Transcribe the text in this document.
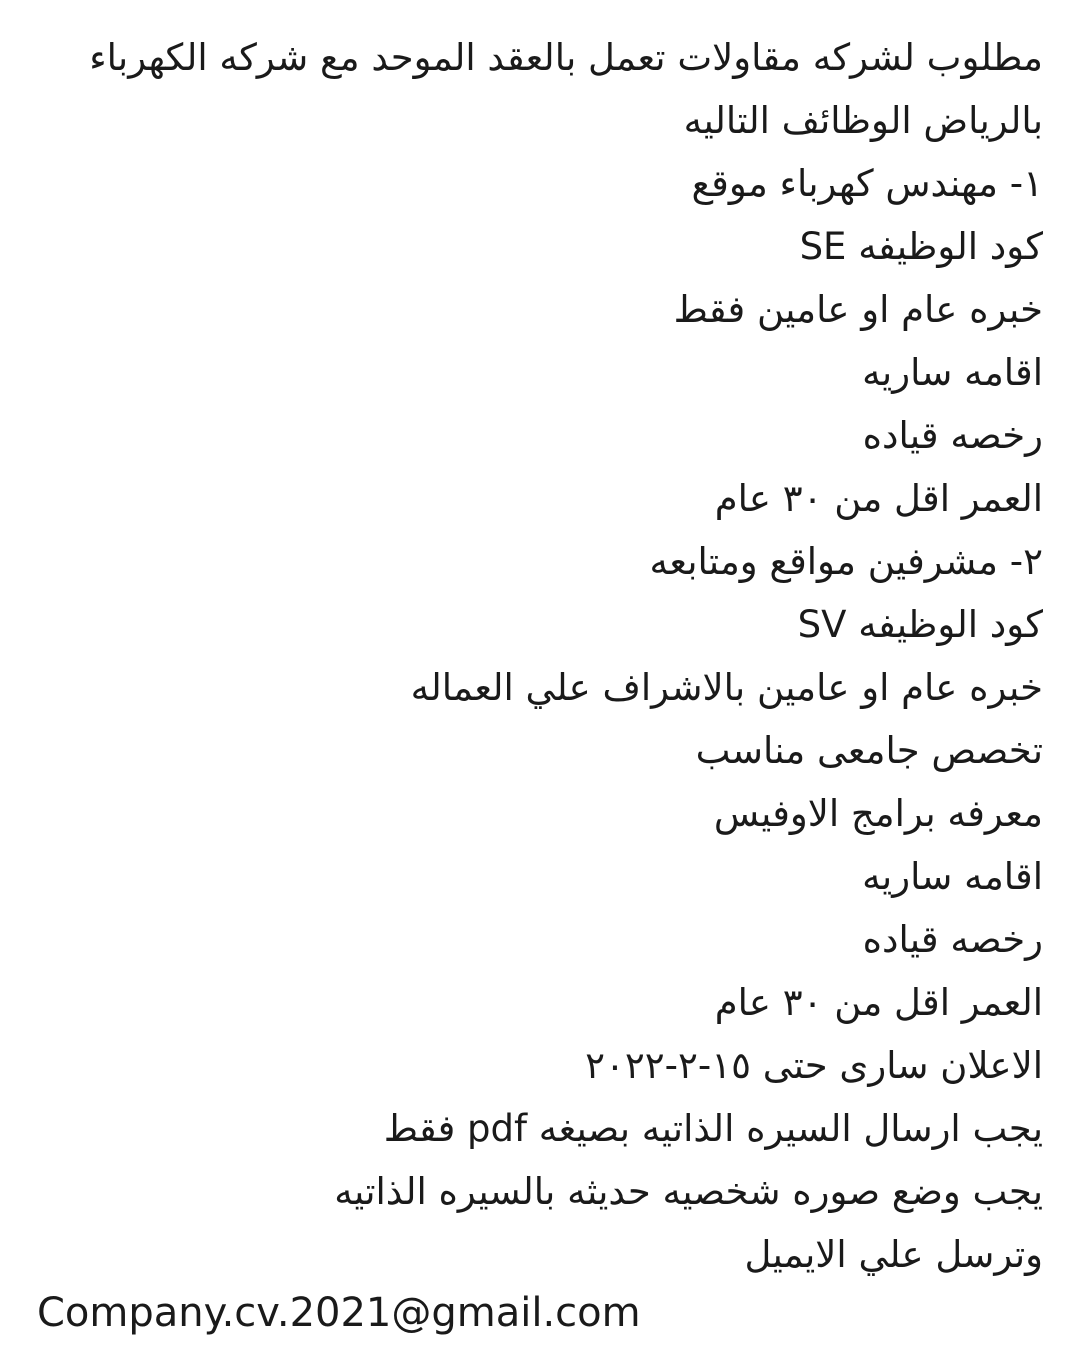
مطلوب لشركه مقاولات تعمل بالعقد الموحد مع شركه الكهرباء
بالرياض الوظائف التاليه
١- مهندس كهرباء موقع
كود الوظيفه SE
خبره عام او عامين فقط
اقامه ساريه
رخصه قياده
العمر اقل من ٣٠ عام
٢- مشرفين مواقع ومتابعه
كود الوظيفه SV
خبره عام او عامين بالاشراف علي العماله
تخصص جامعى مناسب
معرفه برامج الاوفيس
اقامه ساريه
رخصه قياده
العمر اقل من ٣٠ عام
الاعلان سارى حتى ١٥-٢-٢٠٢٢
يجب ارسال السيره الذاتيه بصيغه pdf فقط
يجب وضع صوره شخصيه حديثه بالسيره الذاتيه
وترسل علي الايميل
Company.cv.2021@gmail.com
